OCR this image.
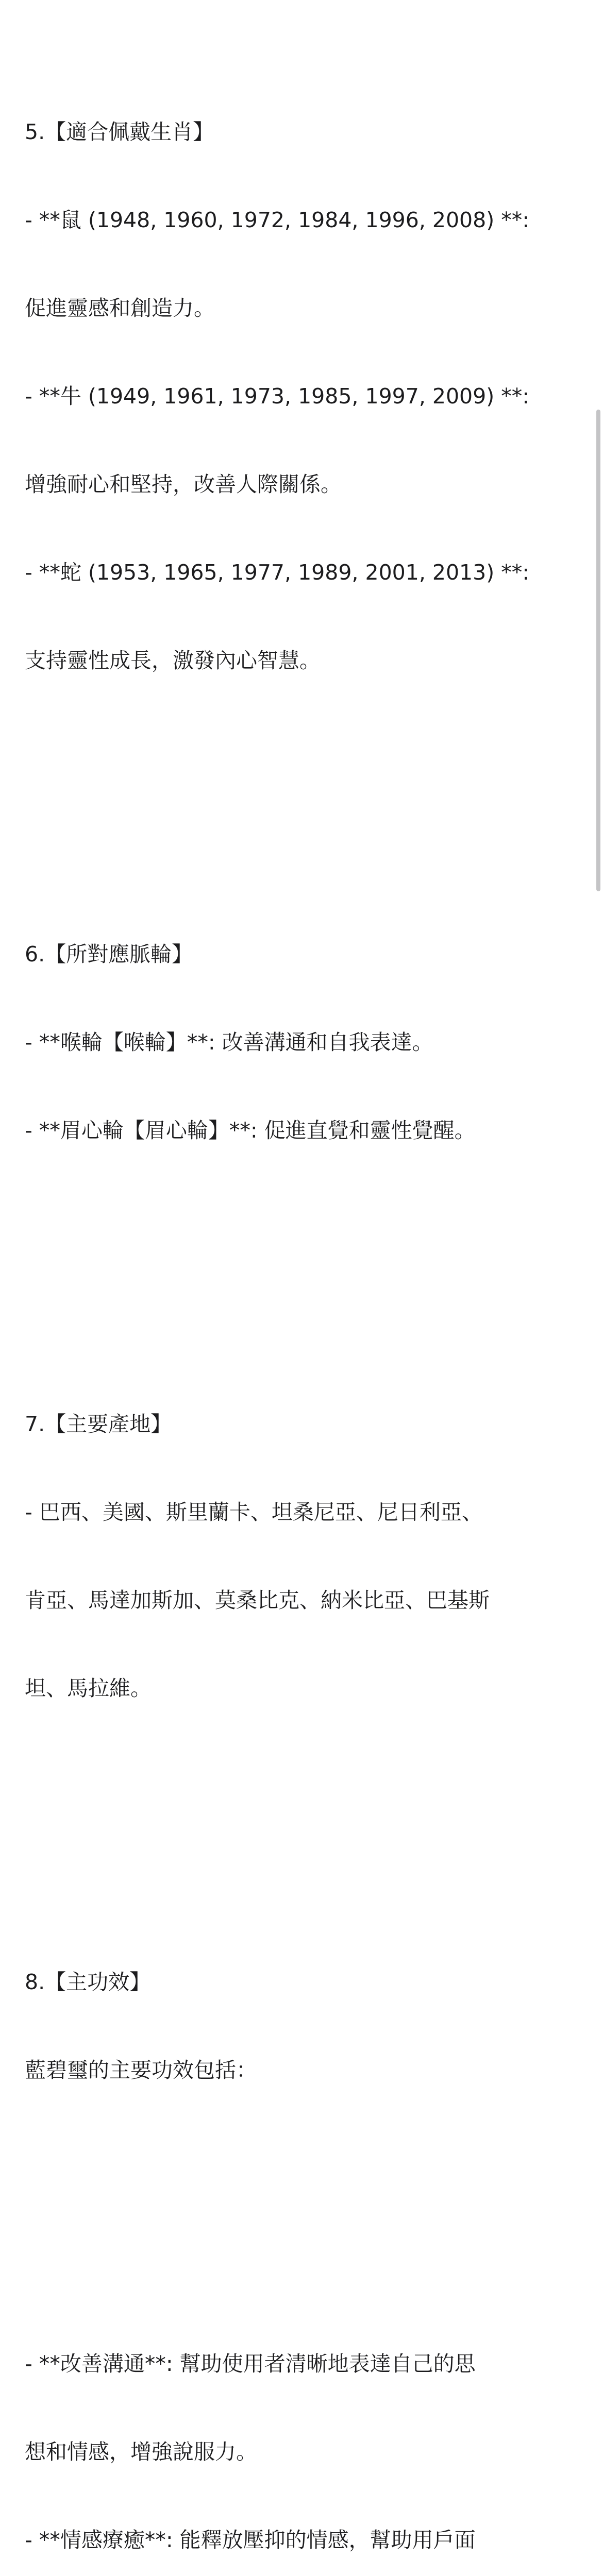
5.【適合佩戴生肖】

- **鼠 (1948, 1960, 1972, 1984, 1996, 2008) **:

促進靈感和創造力。

- **牛 (1949, 1961, 1973, 1985, 1997, 2009) **:

增強耐心和堅持，改善人際關係。

- **蛇 (1953, 1965, 1977, 1989, 2001, 2013) **:

支持靈性成長，激發內心智慧。

6.【所對應脈輪】

- **喉輪【喉輪】**: 改善溝通和自我表達。

- **眉心輪【眉心輪】**: 促進直覺和靈性覺醒。

7.【主要產地】

- 巴西、美國、斯里蘭卡、坦桑尼亞、尼日利亞、

肯亞、馬達加斯加、莫桑比克、納米比亞、巴基斯

坦、馬拉維。

8.【主功效】

藍碧璽的主要功效包括：

- **改善溝通**: 幫助使用者清晰地表達自己的思

想和情感，增強說服力。

- **情感療癒**: 能釋放壓抑的情感，幫助用戶面
